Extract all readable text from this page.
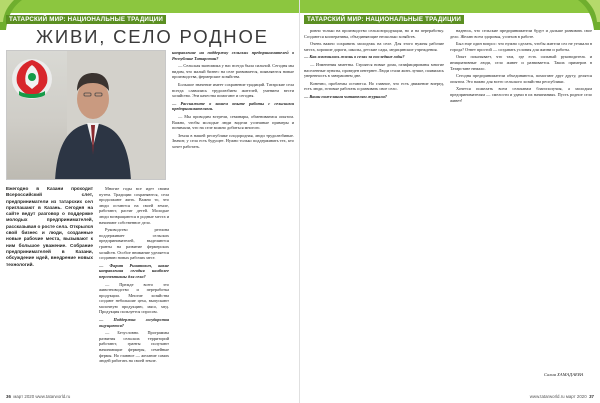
ТАТАРСКИЙ МИР: НАЦИОНАЛЬНЫЕ ТРАДИЦИИ
ЖИВИ, СЕЛО РОДНОЕ
Ежегодно в Казани проходит Всероссийский слет, предприниматели из татарских сел приглашают в Казань. Сегодня на сайте ведут разговор о поддержке молодых предпринимателей, рассказывая о росте села. Открылся свой бизнес и люди, созданные новые рабочие места, вызывают к ним большое уважение. Собрание предпринимателей в Казани, обсуждение идей, внедрение новых технологий.

направление на поддержку сельских предпринимателей в Республике Татарстан?

— Сельская экономика у нас всегда была сильной. Сегодня мы видим, что малый бизнес на селе развивается, появляются новые производства, фермерские хозяйства.

Большое значение имеет сохранение традиций. Татарские села всегда славились трудолюбием жителей, умением вести хозяйство. Эти качества помогают и сегодня.

— Расскажите о вашем опыте работы с сельскими предпринимателями.

— Мы проводим встречи, семинары, обмениваемся опытом. Важно, чтобы молодые люди видели успешные примеры и понимали, что на селе можно добиться многого.

Земля в нашей республике плодородная, люди трудолюбивые. Значит, у села есть будущее. Нужно только поддерживать тех, кто хочет работать.

Многие годы все идет своим путем. Традиции сохраняются, села продолжают жить. Важно то, что люди остаются на своей земле, работают, растят детей. Молодые люди возвращаются в родные места и начинают собственное дело.

Руководство региона поддерживает сельских предпринимателей, выделяются гранты на развитие фермерских хозяйств. Особое внимание уделяется созданию новых рабочих мест.

— Фарит Ринатович, какие направления сегодня наиболее перспективны для села?

— Прежде всего это животноводство и переработка продукции. Многие хозяйства создают небольшие цеха, выпускают молочную продукцию, мясо, мед. Продукция пользуется спросом.

— Поддержка государства ощущается?

— Безусловно. Программы развития сельских территорий работают, гранты получают начинающие фермеры, семейные фермы. Но главное — желание самих людей работать на своей земле.

36 март 2020 www.tatarworld.ru
ТАТАРСКИЙ МИР: НАЦИОНАЛЬНЫЕ ТРАДИЦИИ

ровно только на производство сельхозпродукции, но и на переработку. Создаются кооперативы, объединяющие несколько хозяйств.

Очень важно сохранить молодежь на селе. Для этого нужны рабочие места, хорошие дороги, школы, детские сады, медицинские учреждения.

— Как изменилась жизнь в селах за последние годы?

— Изменения заметны. Строятся новые дома, газифицированы многие населенные пункты, проведен интернет. Люди стали жить лучше, появилась уверенность в завтрашнем дне.

Конечно, проблемы остаются. Но главное, что есть движение вперед, есть люди, готовые работать и развивать свое село.

— Ваши пожелания читателям журнала?

надеюсь, что сельские предприниматели будут и дальше развивать свое дело. Желаю всем здоровья, успехов в работе.

Был еще один вопрос: что нужно сделать, чтобы жители сел не уезжали в города? Ответ простой — создавать условия для жизни и работы.

Опыт показывает, что там, где есть сильный руководитель и инициативные люди, село живет и развивается. Таких примеров в Татарстане немало.

Сегодня предприниматели объединяются, помогают друг другу, делятся опытом. Это важно для всего сельского хозяйства республики.

Хочется пожелать всем сельчанам благополучия, а молодым предпринимателям — смелости и удачи в их начинаниях. Пусть родное село живет!

Салия ХАМАДАЕВА
www.tatarworld.ru март 2020 37
